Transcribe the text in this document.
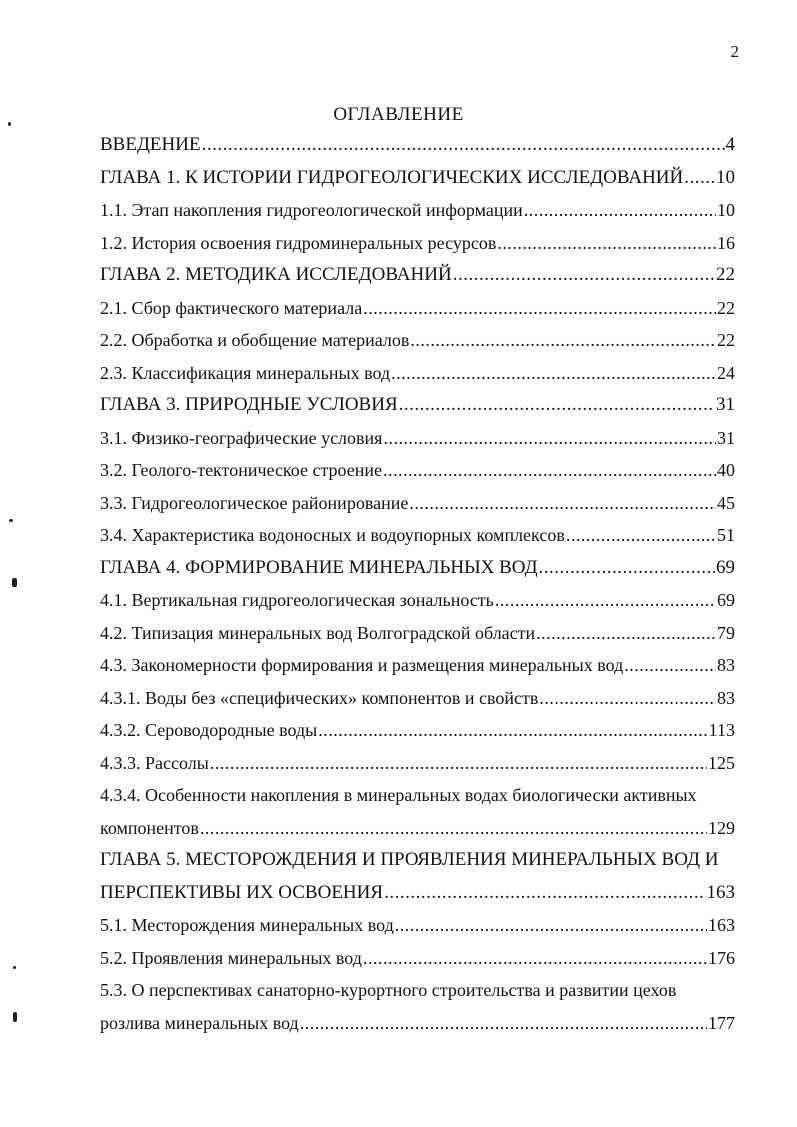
2
ОГЛАВЛЕНИЕ
ВВЕДЕНИЕ .....	4
ГЛАВА 1. К ИСТОРИИ ГИДРОГЕОЛОГИЧЕСКИХ ИССЛЕДОВАНИЙ ..... 10
1.1. Этап накопления гидрогеологической информации .....	10
1.2. История освоения гидроминеральных ресурсов .....	16
ГЛАВА 2. МЕТОДИКА ИССЛЕДОВАНИЙ .....	22
2.1. Сбор фактического материала .....	22
2.2. Обработка и обобщение материалов .....	22
2.3. Классификация минеральных вод .....	24
ГЛАВА 3. ПРИРОДНЫЕ УСЛОВИЯ .....	31
3.1. Физико-географические условия .....	31
3.2. Геолого-тектоническое строение .....	40
3.3. Гидрогеологическое районирование .....	45
3.4. Характеристика водоносных и водоупорных комплексов .....	51
ГЛАВА 4. ФОРМИРОВАНИЕ МИНЕРАЛЬНЫХ ВОД .....	69
4.1. Вертикальная гидрогеологическая зональность .....	69
4.2. Типизация минеральных вод Волгоградской области .....	79
4.3. Закономерности формирования и размещения минеральных вод .....	83
4.3.1. Воды без «специфических» компонентов и свойств .....	83
4.3.2. Сероводородные воды .....	113
4.3.3. Рассолы .....	125
4.3.4. Особенности накопления в минеральных водах биологически активных
компонентов .....	129
ГЛАВА 5. МЕСТОРОЖДЕНИЯ И ПРОЯВЛЕНИЯ МИНЕРАЛЬНЫХ ВОД И
ПЕРСПЕКТИВЫ ИХ ОСВОЕНИЯ .....	163
5.1. Месторождения минеральных вод .....	163
5.2. Проявления минеральных вод .....	176
5.3. О перспективах санаторно-курортного строительства и развитии цехов
розлива минеральных вод .....	177
